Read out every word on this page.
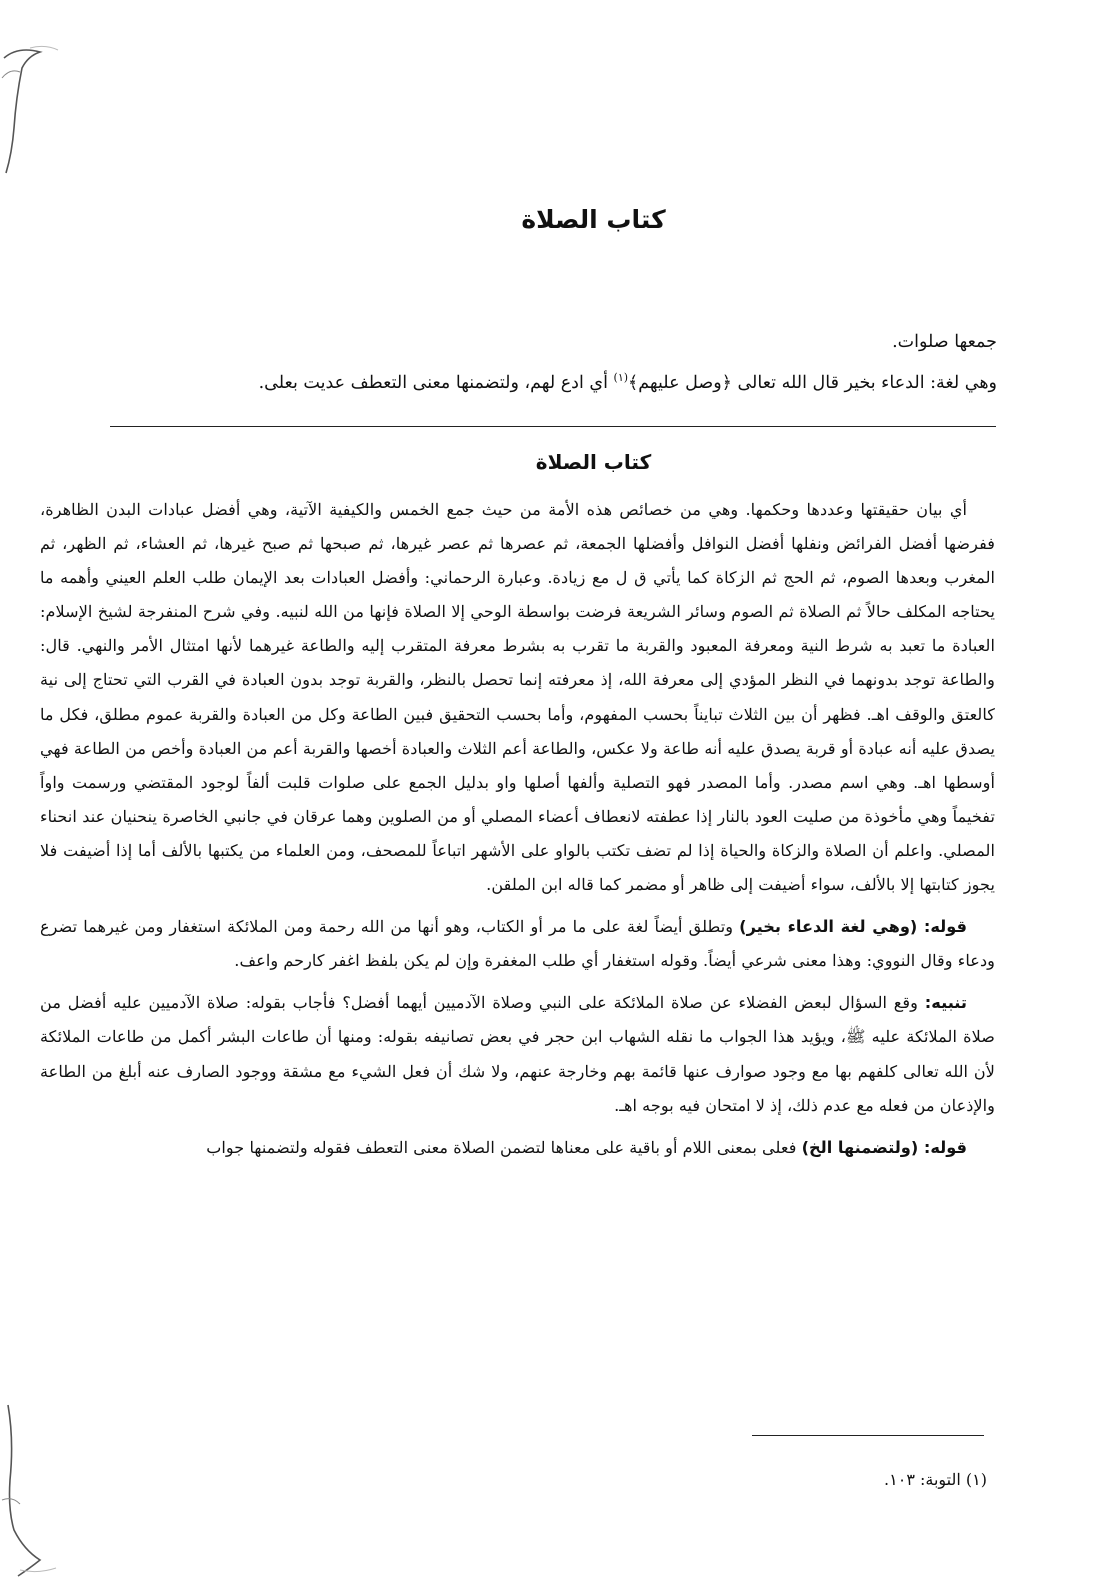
كتاب الصلاة

جمعها صلوات.

وهي لغة: الدعاء بخير قال الله تعالى ﴿وصل عليهم﴾$^{(١)}$ أي ادع لهم، ولتضمنها معنى التعطف عديت بعلى.

كتاب الصلاة

أي بيان حقيقتها وعددها وحكمها. وهي من خصائص هذه الأمة من حيث جمع الخمس والكيفية الآتية، وهي أفضل عبادات البدن الظاهرة، ففرضها أفضل الفرائض ونفلها أفضل النوافل وأفضلها الجمعة، ثم عصرها ثم عصر غيرها، ثم صبحها ثم صبح غيرها، ثم العشاء، ثم الظهر، ثم المغرب وبعدها الصوم، ثم الحج ثم الزكاة كما يأتي ق ل مع زيادة. وعبارة الرحماني: وأفضل العبادات بعد الإيمان طلب العلم العيني وأهمه ما يحتاجه المكلف حالاً ثم الصلاة ثم الصوم وسائر الشريعة فرضت بواسطة الوحي إلا الصلاة فإنها من الله لنبيه. وفي شرح المنفرجة لشيخ الإسلام: العبادة ما تعبد به شرط النية ومعرفة المعبود والقربة ما تقرب به بشرط معرفة المتقرب إليه والطاعة غيرهما لأنها امتثال الأمر والنهي. قال: والطاعة توجد بدونهما في النظر المؤدي إلى معرفة الله، إذ معرفته إنما تحصل بالنظر، والقربة توجد بدون العبادة في القرب التي تحتاج إلى نية كالعتق والوقف اهـ. فظهر أن بين الثلاث تبايناً بحسب المفهوم، وأما بحسب التحقيق فبين الطاعة وكل من العبادة والقربة عموم مطلق، فكل ما يصدق عليه أنه عبادة أو قربة يصدق عليه أنه طاعة ولا عكس، والطاعة أعم الثلاث والعبادة أخصها والقربة أعم من العبادة وأخص من الطاعة فهي أوسطها اهـ. وهي اسم مصدر. وأما المصدر فهو التصلية وألفها أصلها واو بدليل الجمع على صلوات قلبت ألفاً لوجود المقتضي ورسمت واواً تفخيماً وهي مأخوذة من صليت العود بالنار إذا عطفته لانعطاف أعضاء المصلي أو من الصلوين وهما عرقان في جانبي الخاصرة ينحنيان عند انحناء المصلي. واعلم أن الصلاة والزكاة والحياة إذا لم تضف تكتب بالواو على الأشهر اتباعاً للمصحف، ومن العلماء من يكتبها بالألف أما إذا أضيفت فلا يجوز كتابتها إلا بالألف، سواء أضيفت إلى ظاهر أو مضمر كما قاله ابن الملقن.

قوله: (وهي لغة الدعاء بخير) وتطلق أيضاً لغة على ما مر أو الكتاب، وهو أنها من الله رحمة ومن الملائكة استغفار ومن غيرهما تضرع ودعاء وقال النووي: وهذا معنى شرعي أيضاً. وقوله استغفار أي طلب المغفرة وإن لم يكن بلفظ اغفر كارحم واعف.

تنبيه: وقع السؤال لبعض الفضلاء عن صلاة الملائكة على النبي وصلاة الآدميين أيهما أفضل؟ فأجاب بقوله: صلاة الآدميين عليه أفضل من صلاة الملائكة عليه ﷺ، ويؤيد هذا الجواب ما نقله الشهاب ابن حجر في بعض تصانيفه بقوله: ومنها أن طاعات البشر أكمل من طاعات الملائكة لأن الله تعالى كلفهم بها مع وجود صوارف عنها قائمة بهم وخارجة عنهم، ولا شك أن فعل الشيء مع مشقة ووجود الصارف عنه أبلغ من الطاعة والإذعان من فعله مع عدم ذلك، إذ لا امتحان فيه بوجه اهـ.

قوله: (ولتضمنها الخ) فعلى بمعنى اللام أو باقية على معناها لتضمن الصلاة معنى التعطف فقوله ولتضمنها جواب

(١) التوبة: ١٠٣.
